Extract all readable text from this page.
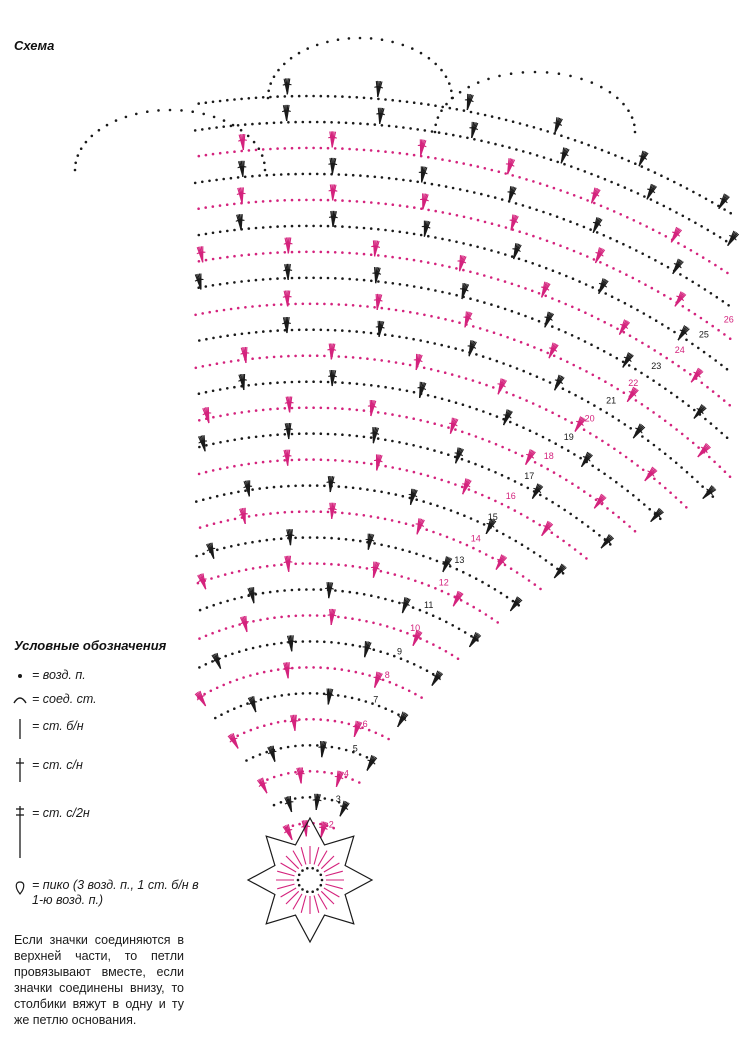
Схема
2
3
4
5
6
7
8
9
10
11
12
13
14
15
16
17
18
19
20
21
22
23
24
25
26
Условные обозначения
= возд. п.
= соед. ст.
= ст. б/н
= ст. с/н
= ст. с/2н
= пико (3 возд. п., 1 ст. б/н в 1-ю возд. п.)
Если значки соединяются в верхней части, то петли провязывают вместе, если значки соединены внизу, то столбики вяжут в одну и ту же петлю основания.
